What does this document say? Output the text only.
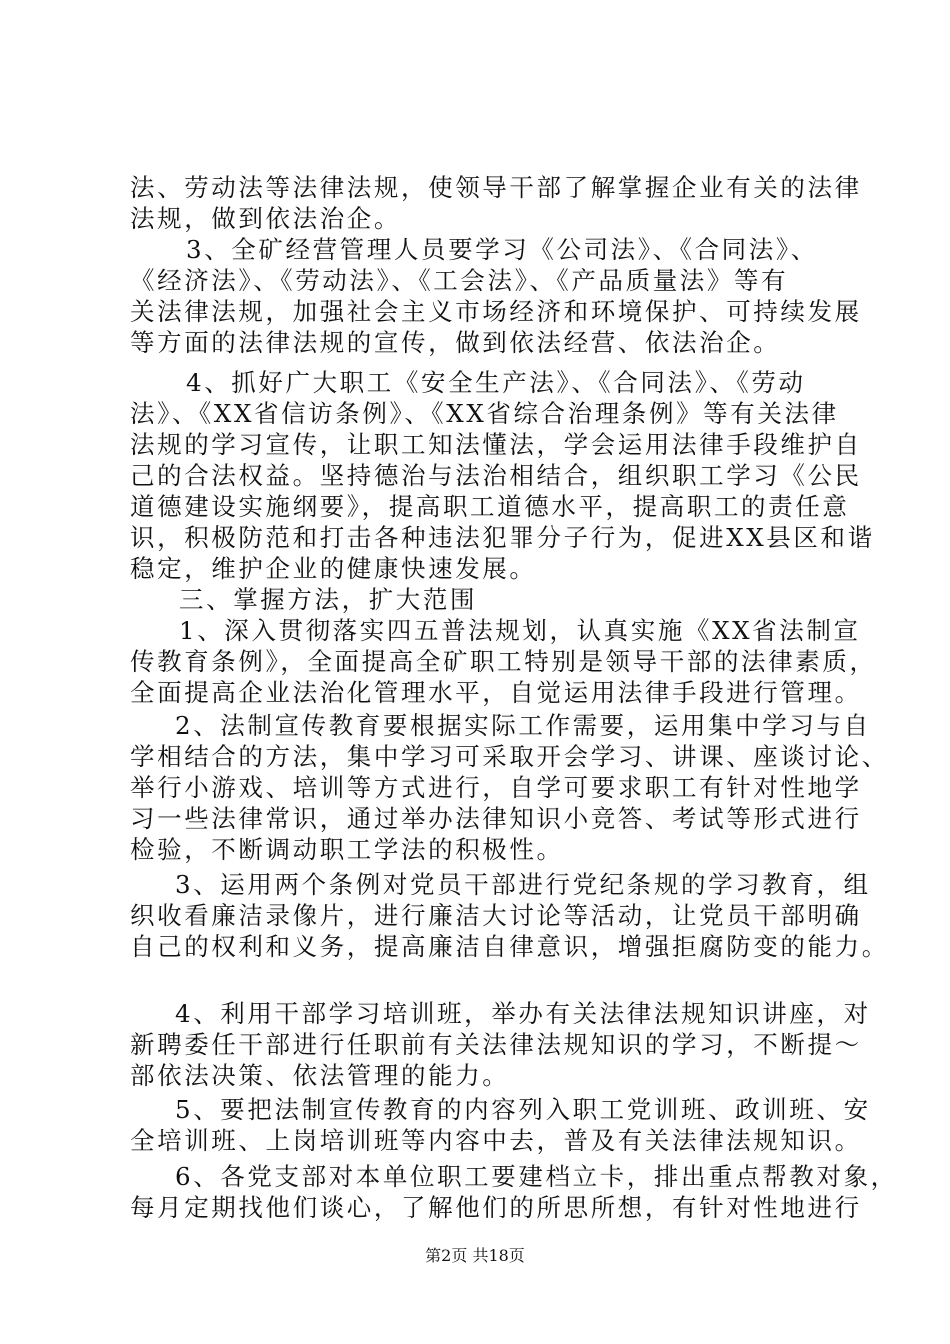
法、劳动法等法律法规，使领导干部了解掌握企业有关的法律
法规，做到依法治企。
3、全矿经营管理人员要学习《公司法》、《合同法》、
《经济法》、《劳动法》、《工会法》、《产品质量法》等有
关法律法规，加强社会主义市场经济和环境保护、可持续发展
等方面的法律法规的宣传，做到依法经营、依法治企。
4、抓好广大职工《安全生产法》、《合同法》、《劳动
法》、《XX省信访条例》、《XX省综合治理条例》等有关法律
法规的学习宣传，让职工知法懂法，学会运用法律手段维护自
己的合法权益。坚持德治与法治相结合，组织职工学习《公民
道德建设实施纲要》，提高职工道德水平，提高职工的责任意
识，积极防范和打击各种违法犯罪分子行为，促进XX县区和谐
稳定，维护企业的健康快速发展。
三、掌握方法，扩大范围
1、深入贯彻落实四五普法规划，认真实施《XX省法制宣
传教育条例》，全面提高全矿职工特别是领导干部的法律素质，
全面提高企业法治化管理水平，自觉运用法律手段进行管理。
2、法制宣传教育要根据实际工作需要，运用集中学习与自
学相结合的方法，集中学习可采取开会学习、讲课、座谈讨论、
举行小游戏、培训等方式进行，自学可要求职工有针对性地学
习一些法律常识，通过举办法律知识小竞答、考试等形式进行
检验，不断调动职工学法的积极性。
3、运用两个条例对党员干部进行党纪条规的学习教育，组
织收看廉洁录像片，进行廉洁大讨论等活动，让党员干部明确
自己的权利和义务，提高廉洁自律意识，增强拒腐防变的能力。
4、利用干部学习培训班，举办有关法律法规知识讲座，对
新聘委任干部进行任职前有关法律法规知识的学习，不断提～
部依法决策、依法管理的能力。
5、要把法制宣传教育的内容列入职工党训班、政训班、安
全培训班、上岗培训班等内容中去，普及有关法律法规知识。
6、各党支部对本单位职工要建档立卡，排出重点帮教对象，
每月定期找他们谈心，了解他们的所思所想，有针对性地进行
第2页 共18页
